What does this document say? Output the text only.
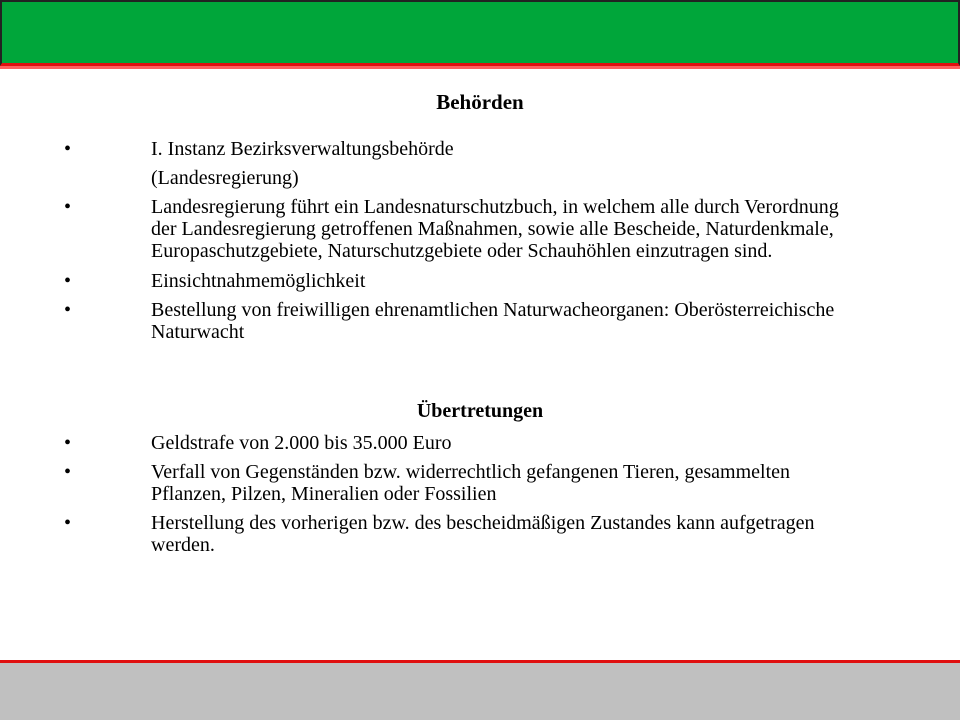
Behörden
•	I. Instanz Bezirksverwaltungsbehörde
(Landesregierung)
•	Landesregierung führt ein Landesnaturschutzbuch, in welchem alle durch Verordnung der Landesregierung getroffenen Maßnahmen, sowie alle Bescheide, Naturdenkmale, Europaschutzgebiete, Naturschutzgebiete oder Schauhöhlen einzutragen sind.
•	Einsichtnahmemöglichkeit
•	Bestellung von freiwilligen ehrenamtlichen Naturwacheorganen: Oberösterreichische Naturwacht
Übertretungen
•	Geldstrafe von 2.000 bis 35.000 Euro
•	Verfall von Gegenständen bzw. widerrechtlich gefangenen Tieren, gesammelten Pflanzen, Pilzen, Mineralien oder Fossilien
•	Herstellung des vorherigen bzw. des bescheidmäßigen Zustandes kann aufgetragen werden.
